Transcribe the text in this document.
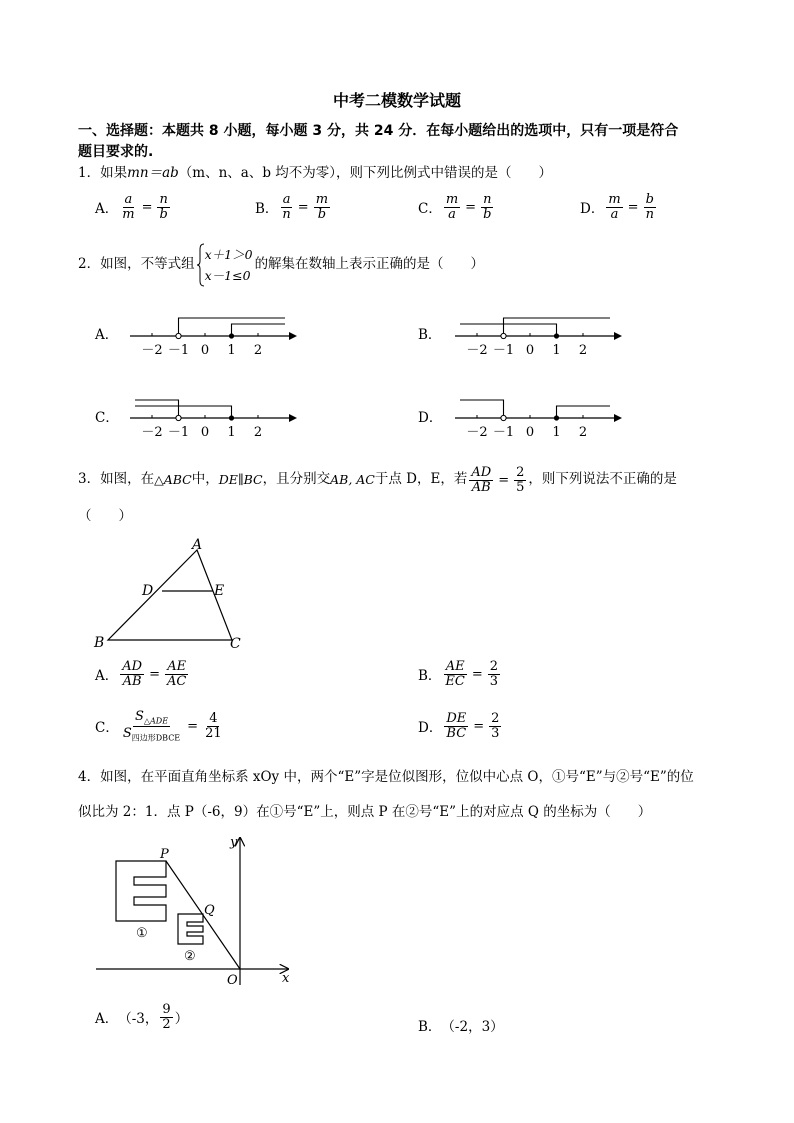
中考二模数学试题
一、选择题：本题共 8 小题，每小题 3 分，共 24 分．在每小题给出的选项中，只有一项是符合
题目要求的.
1．如果mn＝ab（m、n、a、b 均不为零），则下列比例式中错误的是（　　）
A． $\frac{a}{m} = \frac{n}{b}$	B． $\frac{a}{n} = \frac{m}{b}$	C． $\frac{m}{a} = \frac{n}{b}$	D． $\frac{m}{a} = \frac{b}{n}$
2．如图，不等式组
x＋1＞0
x－1≤0
的解集在数轴上表示正确的是（　　）
A．	B．
C．	D．
－2 －1 0 1 2	－2 －1 0 1 2
－2 －1 0 1 2	－2 －1 0 1 2
3．如图，在 △ABC 中， DE∥BC ，且分别交 AB, AC 于点 D，E，若 $\frac{AD}{AB} = \frac{2}{5}$ ，则下列说法不正确的是
（　　）
A
B	C
D	E
A． $\frac{AD}{AB} = \frac{AE}{AC}$	B． $\frac{AE}{EC} = \frac{2}{3}$
C． $\frac{S_{\triangle ADE}}{S_{四边形DBCE}} = \frac{4}{21}$	D． $\frac{DE}{BC} = \frac{2}{3}$
4．如图，在平面直角坐标系 xOy 中，两个“E”字是位似图形，位似中心点 O，①号“E”与②号“E”的位
似比为 2：1．点 P（-6，9）在①号“E”上，则点 P 在②号“E”上的对应点 Q 的坐标为（　　）
y
x
O
P
Q
①
②
A． （-3， $\frac{9}{2}$ ）	B． （-2，3）
